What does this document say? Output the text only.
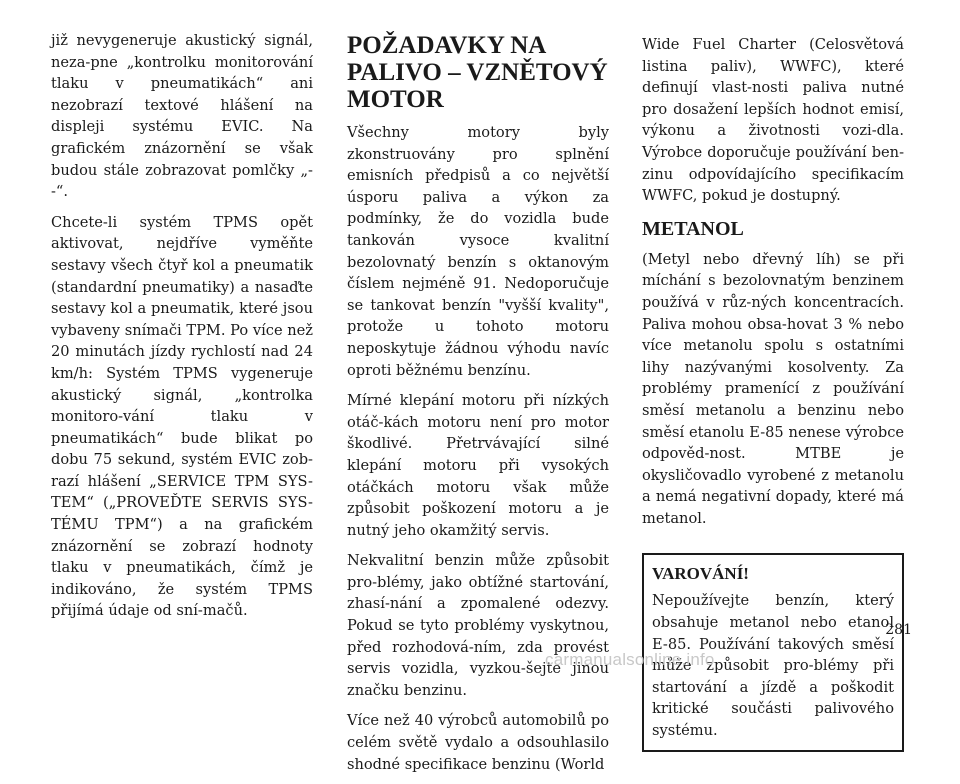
již nevygeneruje akustický signál, neza-pne „kontrolku monitorování tlaku v pneumatikách“ ani nezobrazí textové hlášení na displeji systému EVIC. Na grafickém znázornění se však budou stále zobrazovat pomlčky „- -“.

Chcete-li systém TPMS opět aktivovat, nejdříve vyměňte sestavy všech čtyř kol a pneumatik (standardní pneumatiky) a nasaďte sestavy kol a pneumatik, které jsou vybaveny snímači TPM. Po více než 20 minutách jízdy rychlostí nad 24 km/h: Systém TPMS vygeneruje akustický signál, „kontrolka monitoro-vání tlaku v pneumatikách“ bude blikat po dobu 75 sekund, systém EVIC zob-razí hlášení „SERVICE TPM SYS-TEM“ („PROVEĎTE SERVIS SYS-TÉMU TPM“) a na grafickém znázornění se zobrazí hodnoty tlaku v pneumatikách, čímž je indikováno, že systém TPMS přijímá údaje od sní-mačů.

POŽADAVKY NA PALIVO – VZNĚTOVÝ MOTOR

Všechny motory byly zkonstruovány pro splnění emisních předpisů a co největší úsporu paliva a výkon za podmínky, že do vozidla bude tankován vysoce kvalitní bezolovnatý benzín s oktanovým číslem nejméně 91. Nedoporučuje se tankovat benzín "vyšší kvality", protože u tohoto motoru neposkytuje žádnou výhodu navíc oproti běžnému benzínu.

Mírné klepání motoru při nízkých otáč-kách motoru není pro motor škodlivé. Přetrvávající silné klepání motoru při vysokých otáčkách motoru však může způsobit poškození motoru a je nutný jeho okamžitý servis.

Nekvalitní benzin může způsobit pro-blémy, jako obtížné startování, zhasí-nání a zpomalené odezvy. Pokud se tyto problémy vyskytnou, před rozhodová-ním, zda provést servis vozidla, vyzkou-šejte jinou značku benzinu.

Více než 40 výrobců automobilů po celém světě vydalo a odsouhlasilo shodné specifikace benzinu (World

Wide Fuel Charter (Celosvětová listina paliv), WWFC), které definují vlast-nosti paliva nutné pro dosažení lepších hodnot emisí, výkonu a životnosti vozi-dla. Výrobce doporučuje používání ben-zinu odpovídajícího specifikacím WWFC, pokud je dostupný.

METANOL

(Metyl nebo dřevný líh) se při míchání s bezolovnatým benzinem používá v růz-ných koncentracích. Paliva mohou obsa-hovat 3 % nebo více metanolu spolu s ostatními lihy nazývanými kosolventy. Za problémy pramenící z používání směsí metanolu a benzinu nebo směsí etanolu E-85 nenese výrobce odpověd-nost. MTBE je okysličovadlo vyrobené z metanolu a nemá negativní dopady, které má metanol.

VAROVÁNÍ!

Nepoužívejte benzín, který obsahuje metanol nebo etanol E-85. Používání takových směsí může způsobit pro-blémy při startování a jízdě a poškodit kritické součásti palivového systému.

281
carmanualsonline.info
